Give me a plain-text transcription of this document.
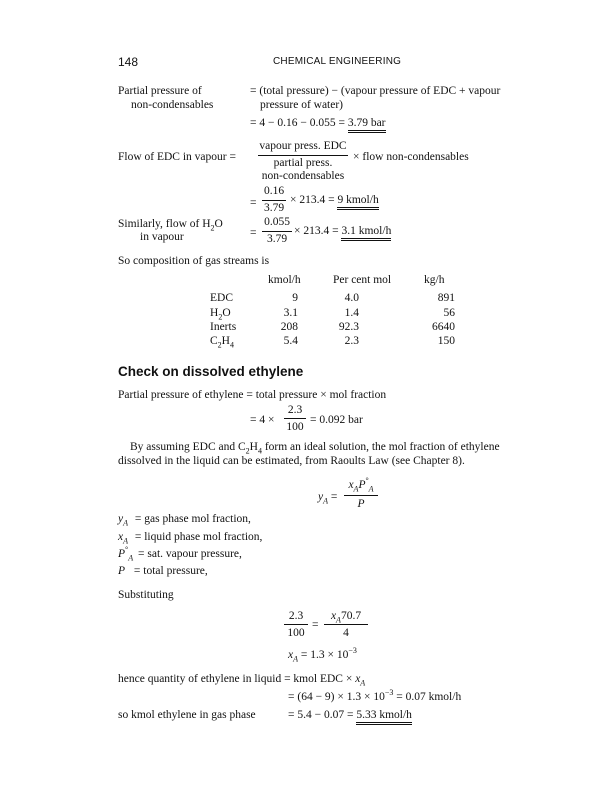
148	CHEMICAL ENGINEERING
Partial pressure of
non-condensables
= (total pressure) − (vapour pressure of EDC + vapour
pressure of water)
= 4 − 0.16 − 0.055 = 3.79 bar
Flow of EDC in vapour =
vapour press. EDC
partial press.
non-condensables
× flow non-condensables
=
0.16
3.79
× 213.4 = 9 kmol/h
Similarly, flow of $H_2O$
in vapour	=
0.055
3.79
× 213.4 = 3.1 kmol/h
So composition of gas streams is
kmol/h	Per cent mol	kg/h
EDC	9	4.0	891
$H_2O$	3.1	1.4	56
Inerts	208	92.3	6640
$C_2H_4$	5.4	2.3	150
Check on dissolved ethylene
Partial pressure of ethylene = total pressure × mol fraction
= 4 ×
2.3
100
= 0.092 bar
By assuming EDC and $C_2H_4$ form an ideal solution, the mol fraction of ethylene
dissolved in the liquid can be estimated, from Raoults Law (see Chapter 8).
$y_A$ =
$x_AP^\circ_A$
P
$y_A$ = gas phase mol fraction,
$x_A$ = liquid phase mol fraction,
$P^\circ_A$ = sat. vapour pressure,
P = total pressure,
Substituting
2.3
100
=
$x_A70.7$
4
$x_A = 1.3 \times 10^{-3}$
hence quantity of ethylene in liquid = kmol EDC × $x_A$
= $(64 - 9) \times 1.3 \times 10^{-3} = 0.07$ kmol/h
so kmol ethylene in gas phase	= 5.4 − 0.07 = 5.33 kmol/h
